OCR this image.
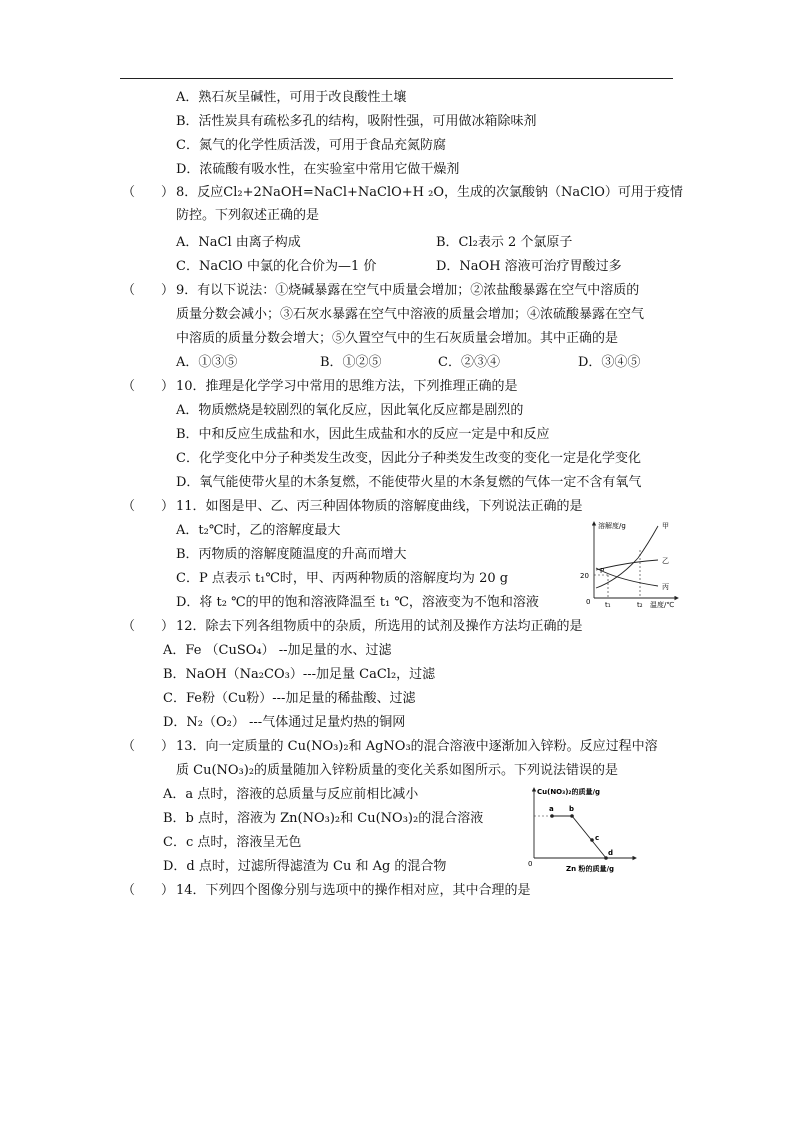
A．熟石灰呈碱性，可用于改良酸性土壤
B．活性炭具有疏松多孔的结构，吸附性强，可用做冰箱除味剂
C．氮气的化学性质活泼，可用于食品充氮防腐
D．浓硫酸有吸水性，在实验室中常用它做干燥剂
（　　） 8．反应Cl₂+2NaOH=NaCl+NaClO+H ₂O，生成的次氯酸钠（NaClO）可用于疫情
防控。下列叙述正确的是
A．NaCl 由离子构成	B．Cl₂表示 2 个氯原子
C．NaClO 中氯的化合价为—1 价	D．NaOH 溶液可治疗胃酸过多
（　　） 9．有以下说法：①烧碱暴露在空气中质量会增加；②浓盐酸暴露在空气中溶质的
质量分数会减小；③石灰水暴露在空气中溶液的质量会增加；④浓硫酸暴露在空气
中溶质的质量分数会增大；⑤久置空气中的生石灰质量会增加。其中正确的是
A．①③⑤	B．①②⑤	C．②③④	D．③④⑤
（　　） 10．推理是化学学习中常用的思维方法，下列推理正确的是
A．物质燃烧是较剧烈的氧化反应，因此氧化反应都是剧烈的
B．中和反应生成盐和水，因此生成盐和水的反应一定是中和反应
C．化学变化中分子种类发生改变，因此分子种类发生改变的变化一定是化学变化
D．氧气能使带火星的木条复燃，不能使带火星的木条复燃的气体一定不含有氧气
（　　） 11．如图是甲、乙、丙三种固体物质的溶解度曲线，下列说法正确的是
A．t₂℃时，乙的溶解度最大
B．丙物质的溶解度随温度的升高而增大
C．P 点表示 t₁℃时，甲、丙两种物质的溶解度均为 20 g
D．将 t₂ ℃的甲的饱和溶液降温至 t₁ ℃，溶液变为不饱和溶液
溶解度/g
温度/℃
0
20
P
t₁	t₂
甲
乙
丙
（　　） 12．除去下列各组物质中的杂质，所选用的试剂及操作方法均正确的是
A．Fe （CuSO₄） --加足量的水、过滤
B．NaOH（Na₂CO₃）---加足量 CaCl₂，过滤
C．Fe粉（Cu粉）---加足量的稀盐酸、过滤
D．N₂（O₂） ---气体通过足量灼热的铜网
（　　） 13．向一定质量的 Cu(NO₃)₂和 AgNO₃的混合溶液中逐渐加入锌粉。反应过程中溶
质 Cu(NO₃)₂的质量随加入锌粉质量的变化关系如图所示。下列说法错误的是
A．a 点时，溶液的总质量与反应前相比减小
B．b 点时，溶液为 Zn(NO₃)₂和 Cu(NO₃)₂的混合溶液
C．c 点时，溶液呈无色
D．d 点时，过滤所得滤渣为 Cu 和 Ag 的混合物
Cu(NO₃)₂的质量/g
Zn 粉的质量/g
0
a b
c
d
（　　） 14．下列四个图像分别与选项中的操作相对应，其中合理的是
